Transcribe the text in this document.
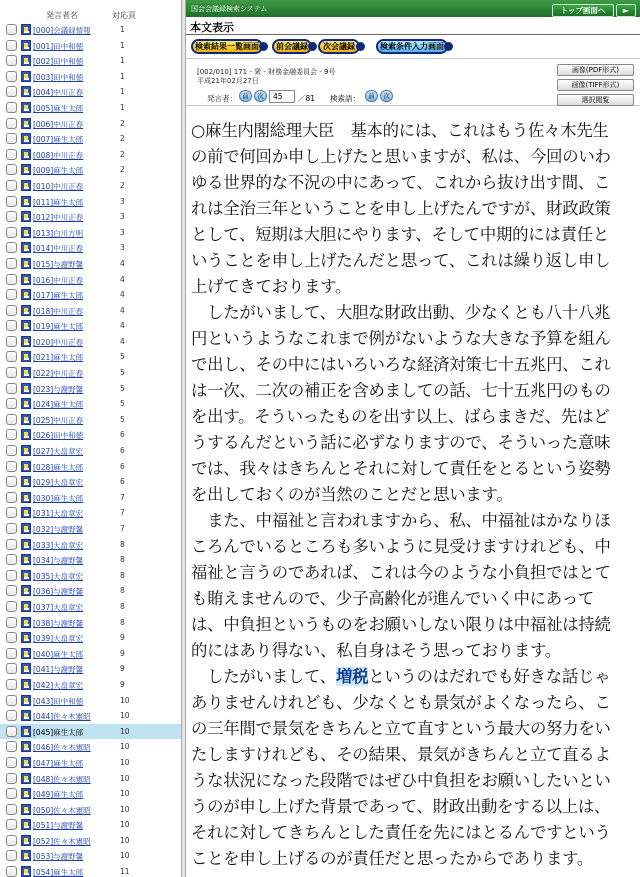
発言者名	対応頁
[000]会議録情報	1
[001]田中和徳	1
[002]田中和徳	1
[003]田中和徳	1
[004]中川正春	1
[005]麻生太郎	1
[006]中川正春	2
[007]麻生太郎	2
[008]中川正春	2
[009]麻生太郎	2
[010]中川正春	2
[011]麻生太郎	3
[012]中川正春	3
[013]白川方明	3
[014]中川正春	3
[015]与謝野馨	4
[016]中川正春	4
[017]麻生太郎	4
[018]中川正春	4
[019]麻生太郎	4
[020]中川正春	4
[021]麻生太郎	5
[022]中川正春	5
[023]与謝野馨	5
[024]麻生太郎	5
[025]中川正春	5
[026]田中和徳	6
[027]大畠章宏	6
[028]麻生太郎	6
[029]大畠章宏	6
[030]麻生太郎	7
[031]大畠章宏	7
[032]与謝野馨	7
[033]大畠章宏	8
[034]与謝野馨	8
[035]大畠章宏	8
[036]与謝野馨	8
[037]大畠章宏	8
[038]与謝野馨	8
[039]大畠章宏	9
[040]麻生太郎	9
[041]与謝野馨	9
[042]大畠章宏	9
[043]田中和徳	10
[044]佐々木憲昭	10
[045]麻生太郎	10
[046]佐々木憲昭	10
[047]麻生太郎	10
[048]佐々木憲昭	10
[049]麻生太郎	10
[050]佐々木憲昭	10
[051]与謝野馨	10
[052]佐々木憲昭	10
[053]与謝野馨	10
[054]麻生太郎	11
国会会議録検索システム	トップ画面へ	►
本文表示
検索結果一覧画面	前会議録	次会議録	検索条件入力画面
[002/010] 171 - 衆 - 財務金融委員会 - 9号
平成21年02月27日
発言者： 前	次	45	／81 検索語：	前	次
画像(PDF形式)
画像(TIFF形式)
選択閲覧

○麻生内閣総理大臣　基本的には、これはもう佐々木先生

の前で何回か申し上げたと思いますが、私は、今回のいわ

ゆる世界的な不況の中にあって、これから抜け出す間、こ

れは全治三年ということを申し上げたんですが、財政政策

として、短期は大胆にやります、そして中期的には責任と

いうことを申し上げたんだと思って、これは繰り返し申し

上げてきております。

　したがいまして、大胆な財政出動、少なくとも八十八兆

円というようなこれまで例がないような大きな予算を組ん

で出し、その中にはいろいろな経済対策七十五兆円、これ

は一次、二次の補正を含めましての話、七十五兆円のもの

を出す。そういったものを出す以上、ばらまきだ、先はど

うするんだという話に必ずなりますので、そういった意味

では、我々はきちんとそれに対して責任をとるという姿勢

を出しておくのが当然のことだと思います。

　また、中福祉と言われますから、私、中福祉はかなりほ

ころんでいるところも多いように見受けますけれども、中

福祉と言うのであれば、これは今のような小負担ではとて

も賄えませんので、少子高齢化が進んでいく中にあって

は、中負担というものをお願いしない限りは中福祉は持続

的にはあり得ない、私自身はそう思っております。

　したがいまして、増税というのはだれでも好きな話じゃ

ありませんけれども、少なくとも景気がよくなったら、こ

の三年間で景気をきちんと立て直すという最大の努力をい

たしますけれども、その結果、景気がきちんと立て直るよ

うな状況になった段階ではぜひ中負担をお願いしたいとい

うのが申し上げた背景であって、財政出動をする以上は、

それに対してきちんとした責任を先にはとるんですという

ことを申し上げるのが責任だと思ったからであります。
